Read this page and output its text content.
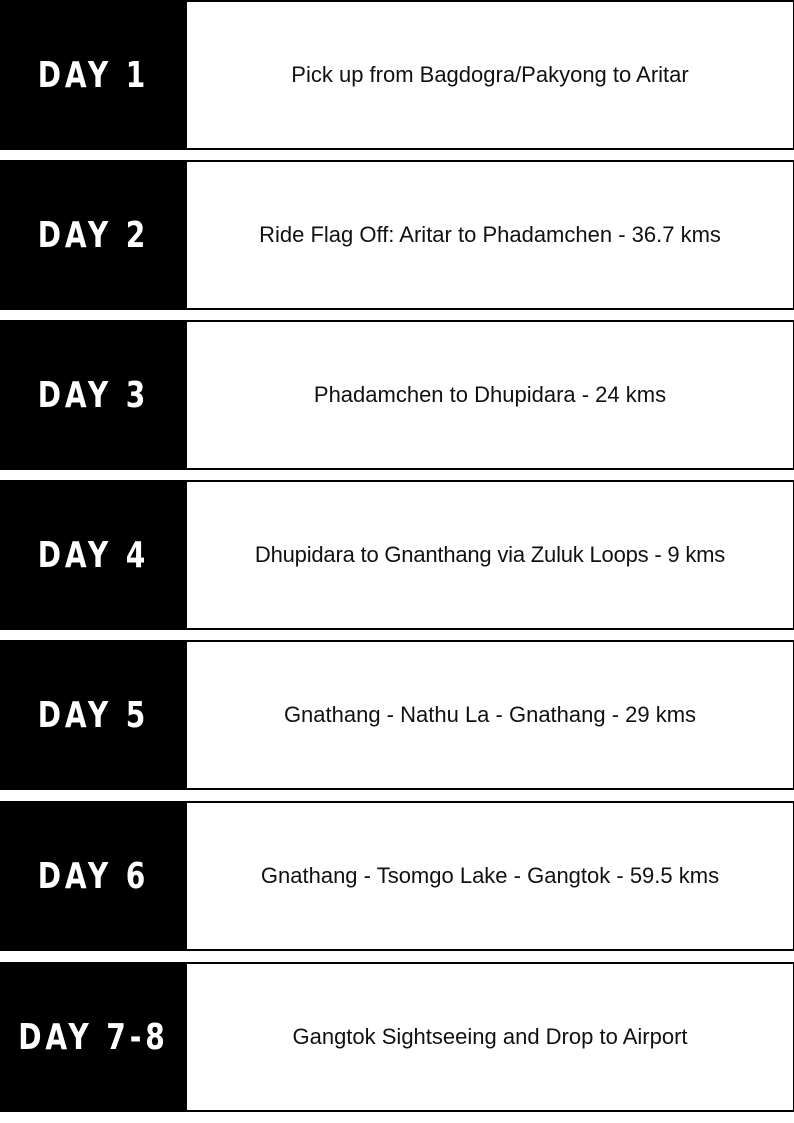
DAY 1	Pick up from Bagdogra/Pakyong to Aritar
DAY 2	Ride Flag Off: Aritar to Phadamchen - 36.7 kms
DAY 3	Phadamchen to Dhupidara - 24 kms
DAY 4	Dhupidara to Gnanthang via Zuluk Loops - 9 kms
DAY 5	Gnathang - Nathu La - Gnathang - 29 kms
DAY 6	Gnathang - Tsomgo Lake - Gangtok - 59.5 kms
DAY 7-8	Gangtok Sightseeing and Drop to Airport
